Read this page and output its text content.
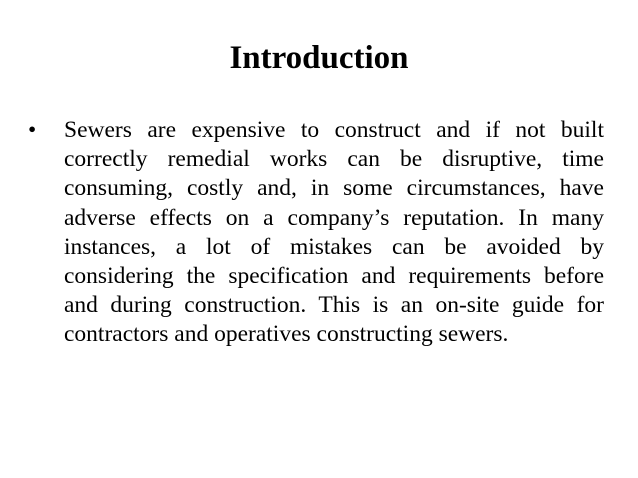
Introduction
• Sewers are expensive to construct and if not built correctly remedial works can be disruptive, time consuming, costly and, in some circumstances, have adverse effects on a company’s reputation. In many instances, a lot of mistakes can be avoided by considering the specification and requirements before and during construction. This is an on-site guide for contractors and operatives constructing sewers.
